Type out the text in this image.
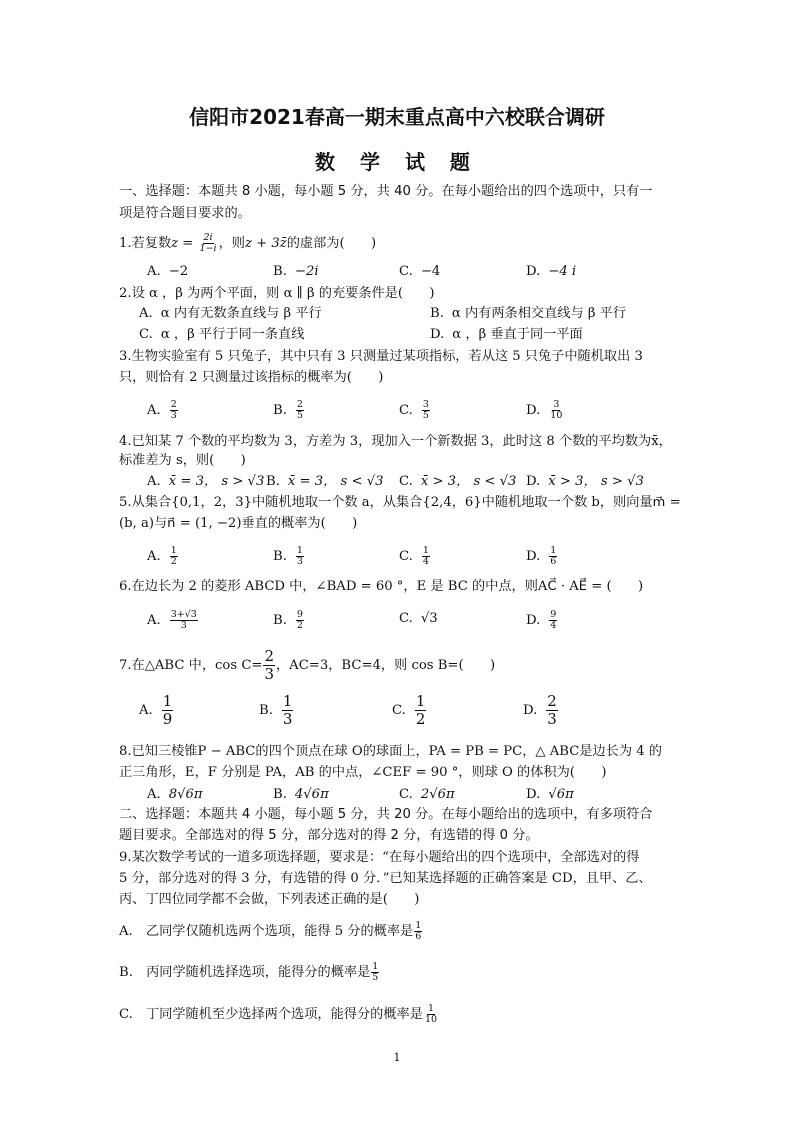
信阳市2021春高一期末重点高中六校联合调研
数 学 试 题
一、选择题：本题共 8 小题，每小题 5 分，共 40 分。在每小题给出的四个选项中，只有一
项是符合题目要求的。
1.若复数$z = \frac{2i}{1-i}$ ，则z + 3z̄的虚部为(　　)
A. −2	B. −2i	C. −4	D. −4 i
2.设 α ，β 为两个平面，则 α ∥ β 的充要条件是(　　)
A. α 内有无数条直线与 β 平行	B. α 内有两条相交直线与 β 平行
C. α ，β 平行于同一条直线	D. α ，β 垂直于同一平面
3.生物实验室有 5 只兔子，其中只有 3 只测量过某项指标，若从这 5 只兔子中随机取出 3
只，则恰有 2 只测量过该指标的概率为(　　)
A. $\frac{2}{3}$	B. $\frac{2}{5}$	C. $\frac{3}{5}$	D. $\frac{3}{10}$
4.已知某 7 个数的平均数为 3，方差为 3，现加入一个新数据 3，此时这 8 个数的平均数为x̄，
标准差为 s，则(　　)
A. x̄ = 3， s > √3 B. x̄ = 3， s < √3 C. x̄ > 3， s < √3 D. x̄ > 3， s > √3
5.从集合{0,1，2，3}中随机地取一个数 a，从集合{2,4，6}中随机地取一个数 b，则向量m⃗ =
(b, a)与n⃗ = (1, −2)垂直的概率为(　　)
A. $\frac{1}{2}$	B. $\frac{1}{3}$	C. $\frac{1}{4}$	D. $\frac{1}{6}$
6.在边长为 2 的菱形 ABCD 中，∠BAD = 60 °，E 是 BC 的中点，则AC⃗ · AE⃗ = (　　)
A. $\frac{3+√3}{3}$	B. $\frac{9}{2}$	C. √3	D. $\frac{9}{4}$
7.在△ABC 中，$\cos C= \frac{2}{3}$ ，AC=3，BC=4，则 cos B=(　　)
A. $\frac{1}{9}$	B. $\frac{1}{3}$	C. $\frac{1}{2}$	D. $\frac{2}{3}$
8.已知三棱锥P − ABC的四个顶点在球 O的球面上，PA = PB = PC，△ ABC是边长为 4 的
正三角形，E，F 分别是 PA，AB 的中点，∠CEF = 90 °，则球 O 的体积为(　　)
A. 8√6π	B. 4√6π	C. 2√6π	D. √6π
二、选择题：本题共 4 小题，每小题 5 分，共 20 分。在每小题给出的选项中，有多项符合
题目要求。全部选对的得 5 分，部分选对的得 2 分，有选错的得 0 分。
9.某次数学考试的一道多项选择题，要求是：“在每小题给出的四个选项中，全部选对的得
5 分，部分选对的得 3 分，有选错的得 0 分．”已知某选择题的正确答案是 CD，且甲、乙、
丙、丁四位同学都不会做，下列表述正确的是(　　)
A.　乙同学仅随机选两个选项，能得 5 分的概率是 $\frac{1}{6}$
B.　丙同学随机选择选项，能得分的概率是 $\frac{1}{5}$
C.　丁同学随机至少选择两个选项，能得分的概率是 $\frac{1}{10}$
1
